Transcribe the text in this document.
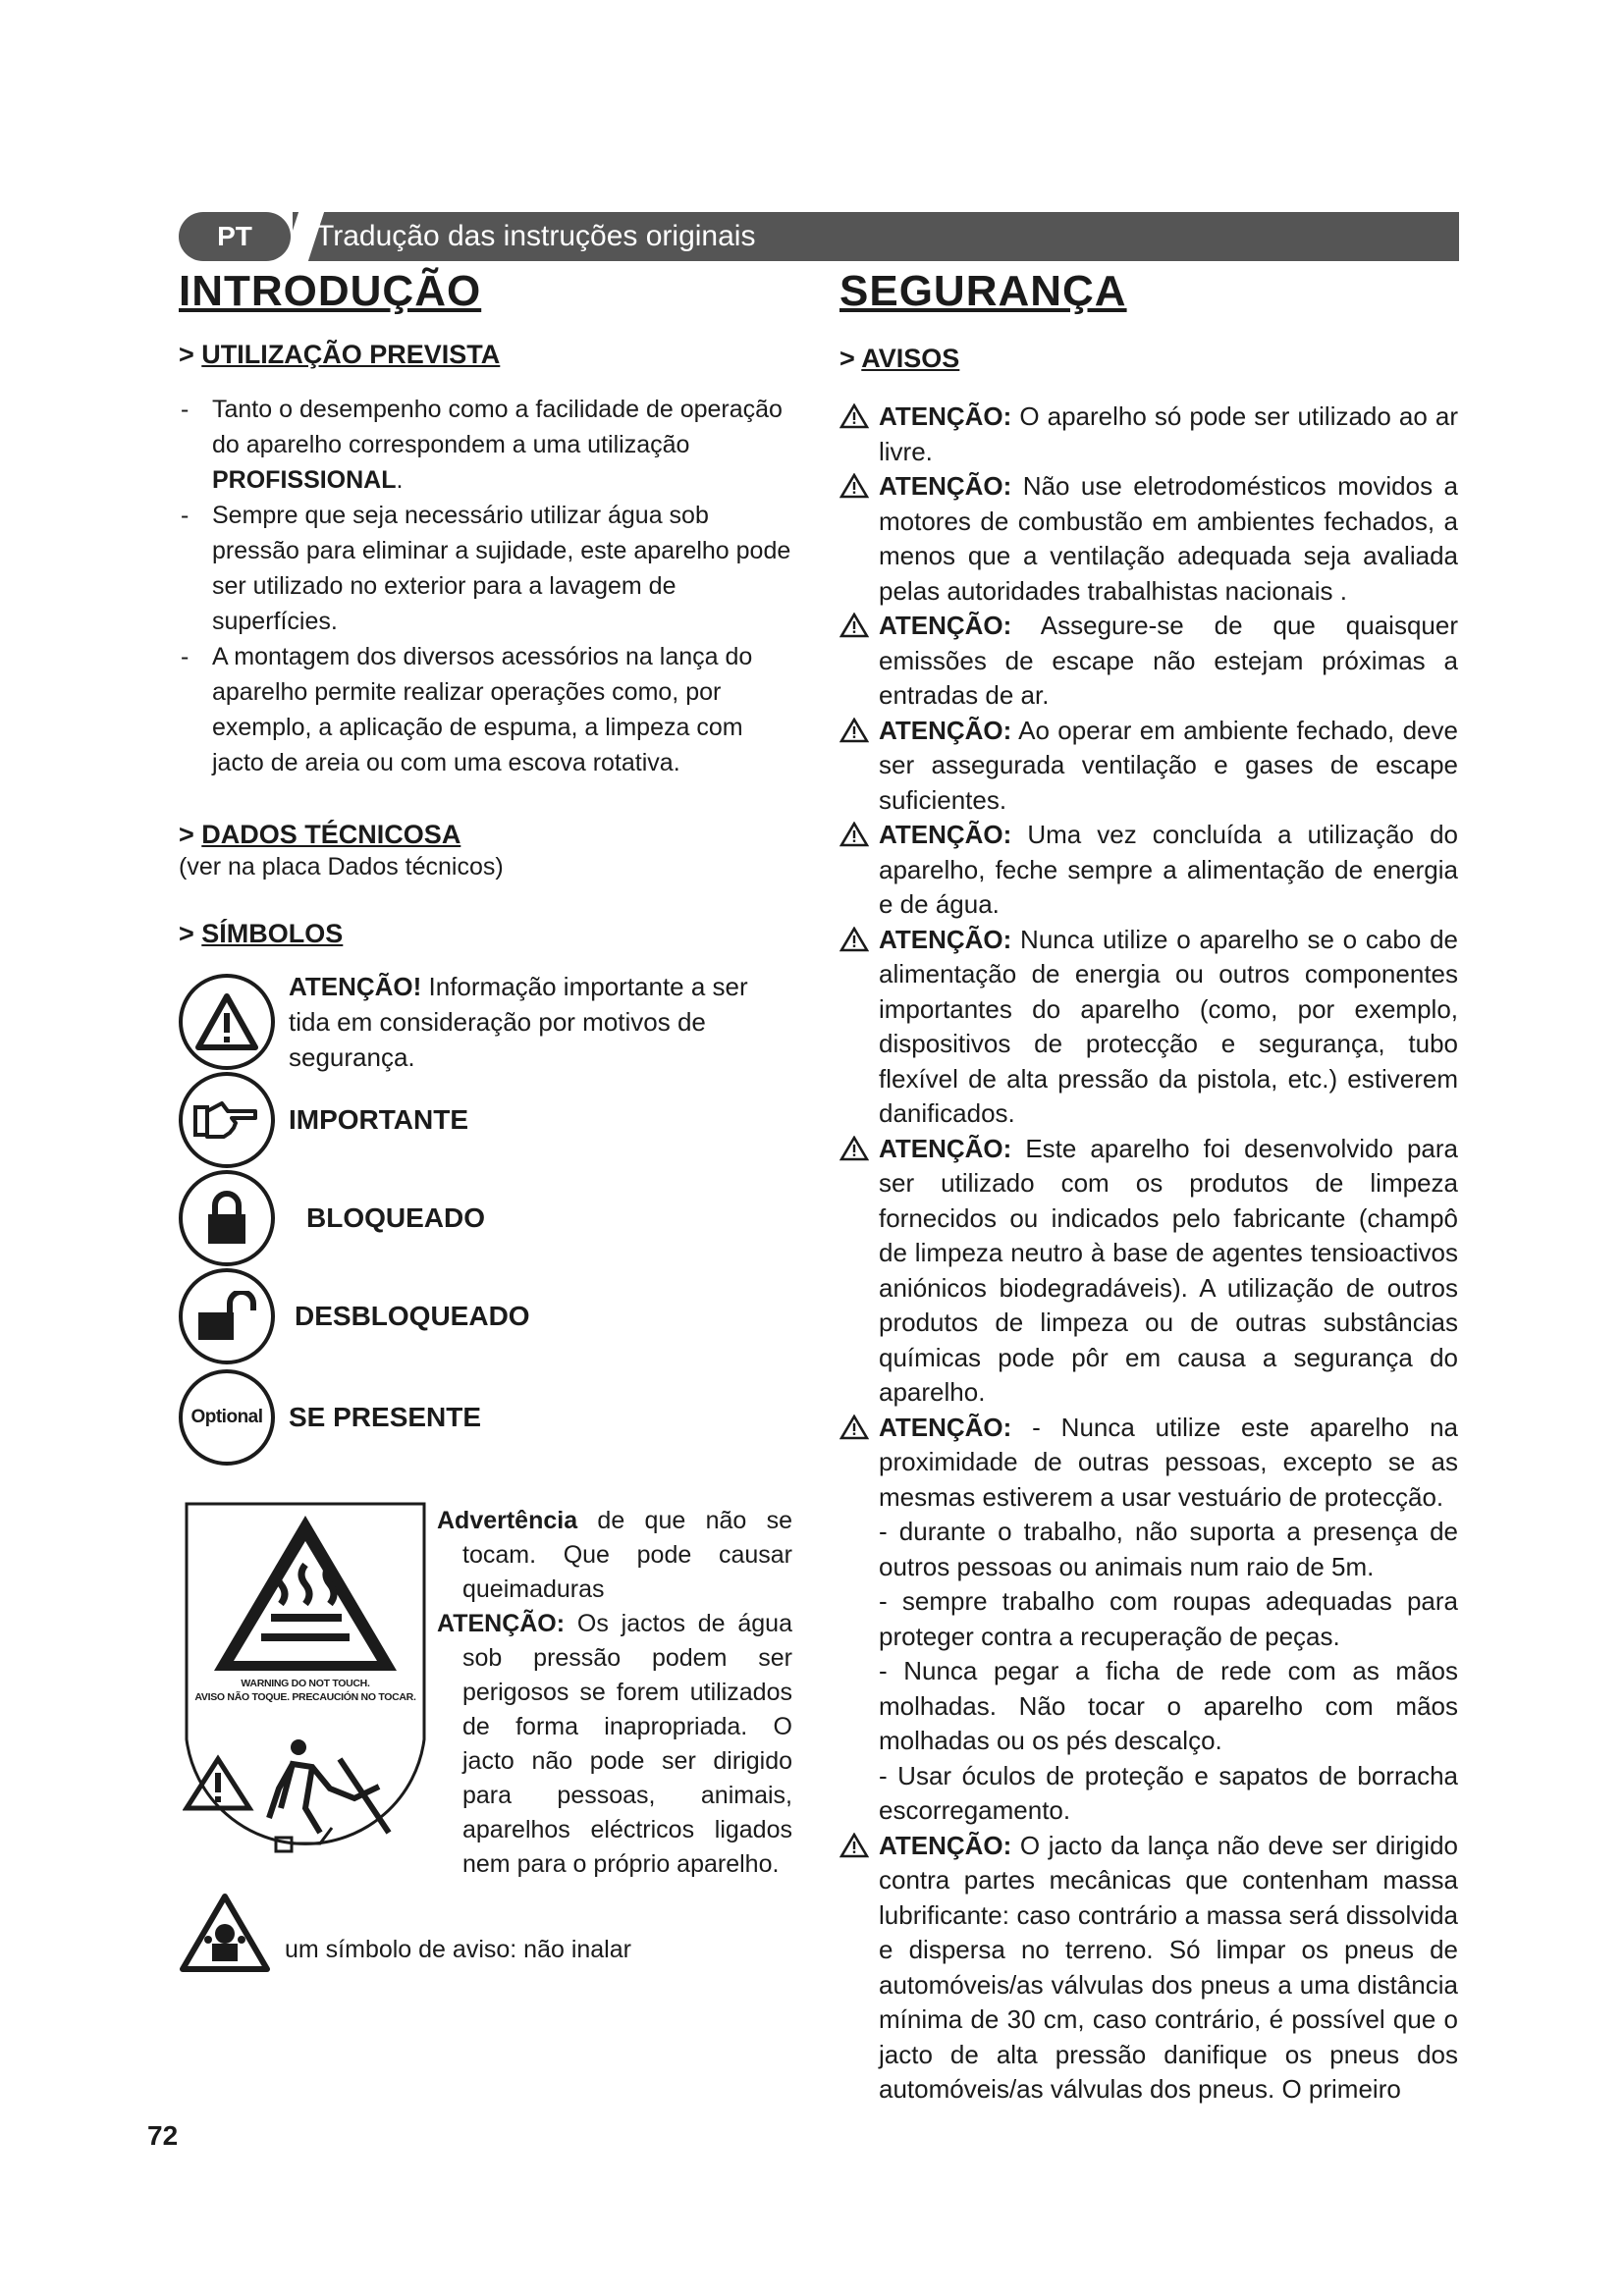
PT	Tradução das instruções originais
INTRODUÇÃO
> UTILIZAÇÃO PREVISTA
- Tanto o desempenho como a facilidade de operação do aparelho correspondem a uma utilização PROFISSIONAL.
- Sempre que seja necessário utilizar água sob pressão para eliminar a sujidade, este aparelho pode ser utilizado no exterior para a lavagem de superfícies.
- A montagem dos diversos acessórios na lança do aparelho permite realizar operações como, por exemplo, a aplicação de espuma, a limpeza com jacto de areia ou com uma escova rotativa.
> DADOS TÉCNICOSA
(ver na placa Dados técnicos)
> SÍMBOLOS
ATENÇÃO! Informação importante a ser tida em consideração por motivos de segurança.
IMPORTANTE
BLOQUEADO
DESBLOQUEADO
Optional SE PRESENTE
WARNING DO NOT TOUCH.
AVISO NÃO TOQUE. PRECAUCIÓN NO TOCAR.
Advertência de que não se tocam. Que pode causar queimaduras
ATENÇÃO: Os jactos de água sob pressão podem ser perigosos se forem utilizados de forma inapropriada. O jacto não pode ser dirigido para pessoas, animais, aparelhos eléctricos ligados nem para o próprio aparelho.
um símbolo de aviso: não inalar
SEGURANÇA
> AVISOS
ATENÇÃO: O aparelho só pode ser utilizado ao ar livre.
ATENÇÃO: Não use eletrodomésticos movidos a motores de combustão em ambientes fechados, a menos que a ventilação adequada seja avaliada pelas autoridades trabalhistas nacionais .
ATENÇÃO: Assegure-se de que quaisquer emissões de escape não estejam próximas a entradas de ar.
ATENÇÃO: Ao operar em ambiente fechado, deve ser assegurada ventilação e gases de escape suficientes.
ATENÇÃO: Uma vez concluída a utilização do aparelho, feche sempre a alimentação de energia e de água.
ATENÇÃO: Nunca utilize o aparelho se o cabo de alimentação de energia ou outros componentes importantes do aparelho (como, por exemplo, dispositivos de protecção e segurança, tubo flexível de alta pressão da pistola, etc.) estiverem danificados.
ATENÇÃO: Este aparelho foi desenvolvido para ser utilizado com os produtos de limpeza fornecidos ou indicados pelo fabricante (champô de limpeza neutro à base de agentes tensioactivos aniónicos biodegradáveis). A utilização de outros produtos de limpeza ou de outras substâncias químicas pode pôr em causa a segurança do aparelho.
ATENÇÃO: - Nunca utilize este aparelho na proximidade de outras pessoas, excepto se as mesmas estiverem a usar vestuário de protecção.
- durante o trabalho, não suporta a presença de outros pessoas ou animais num raio de 5m.
- sempre trabalho com roupas adequadas para proteger contra a recuperação de peças.
- Nunca pegar a ficha de rede com as mãos molhadas. Não tocar o aparelho com mãos molhadas ou os pés descalço.
- Usar óculos de proteção e sapatos de borracha escorregamento.
ATENÇÃO: O jacto da lança não deve ser dirigido contra partes mecânicas que contenham massa lubrificante: caso contrário a massa será dissolvida e dispersa no terreno. Só limpar os pneus de automóveis/as válvulas dos pneus a uma distância mínima de 30 cm, caso contrário, é possível que o jacto de alta pressão danifique os pneus dos automóveis/as válvulas dos pneus. O primeiro
72
